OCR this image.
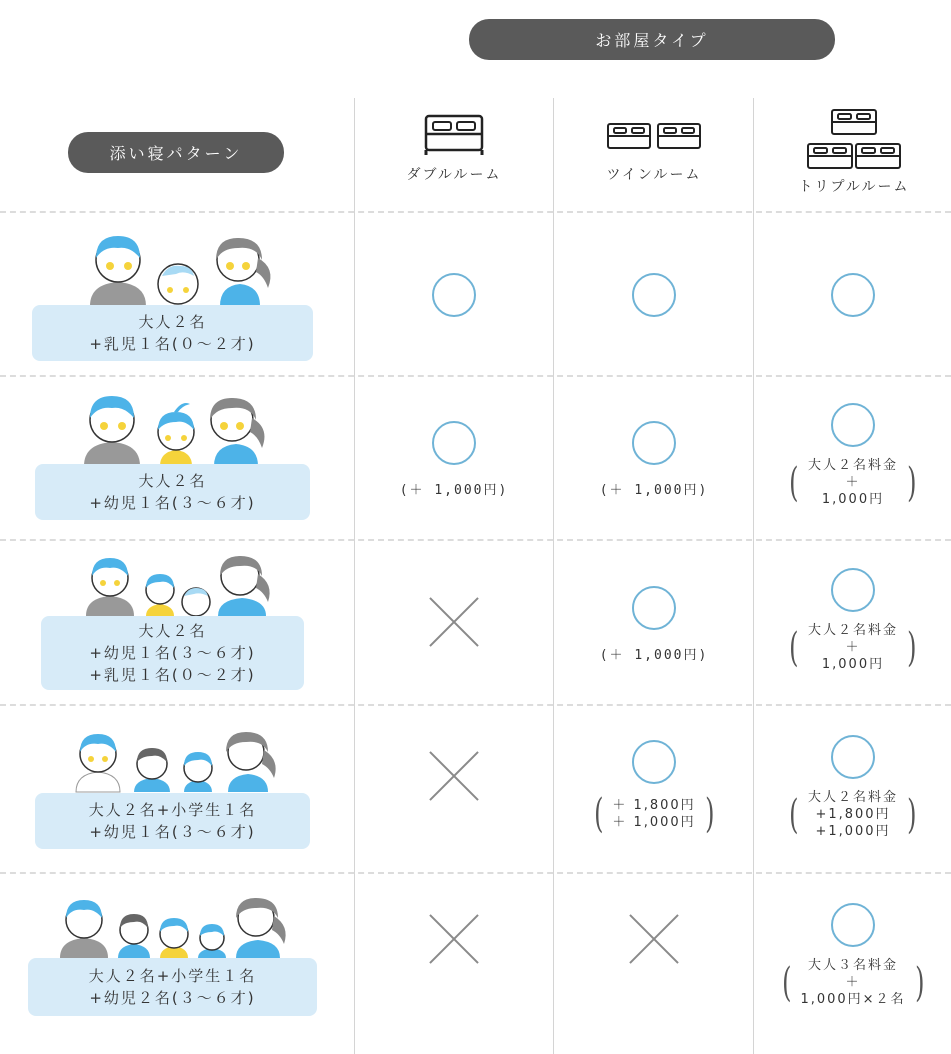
お部屋タイプ
添い寝パターン
ダブルルーム	ツインルーム
トリプルルーム
大人２名
+乳児１名(０～２才)
大人２名
+幼児１名(３～６才)
大人２名
+幼児１名(３～６才)
+乳児１名(０～２才)
大人２名+小学生１名
+幼児１名(３～６才)
大人２名+小学生１名
+幼児２名(３～６才)
(＋ 1,000円)	(＋ 1,000円) ( 大人２名料金
＋
1,000円 )
(＋ 1,000円) ( 大人２名料金
＋
1,000円 )
( ＋ 1,800円
＋ 1,000円 ) ( 大人２名料金
+1,800円
+1,000円 )
( 大人３名料金
＋
1,000円×２名 )
